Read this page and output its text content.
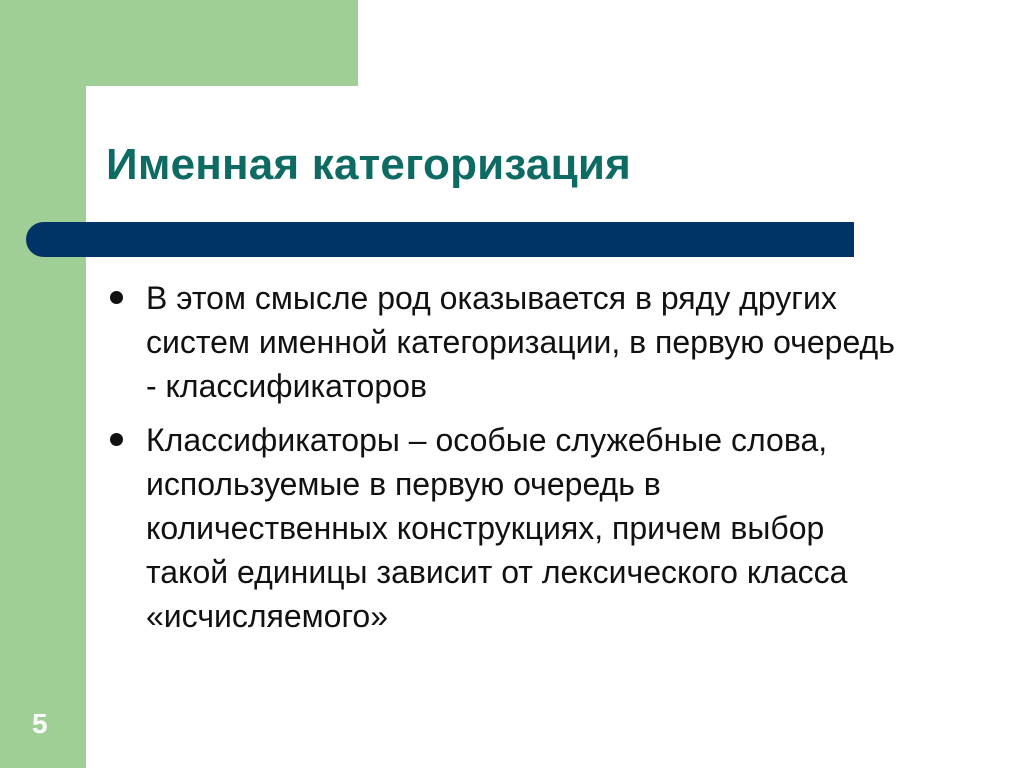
Именная категоризация
В этом смысле род оказывается в ряду других систем именной категоризации, в первую очередь - классификаторов
Классификаторы – особые служебные слова, используемые в первую очередь в количественных конструкциях, причем выбор такой единицы зависит от лексического класса «исчисляемого»
5
